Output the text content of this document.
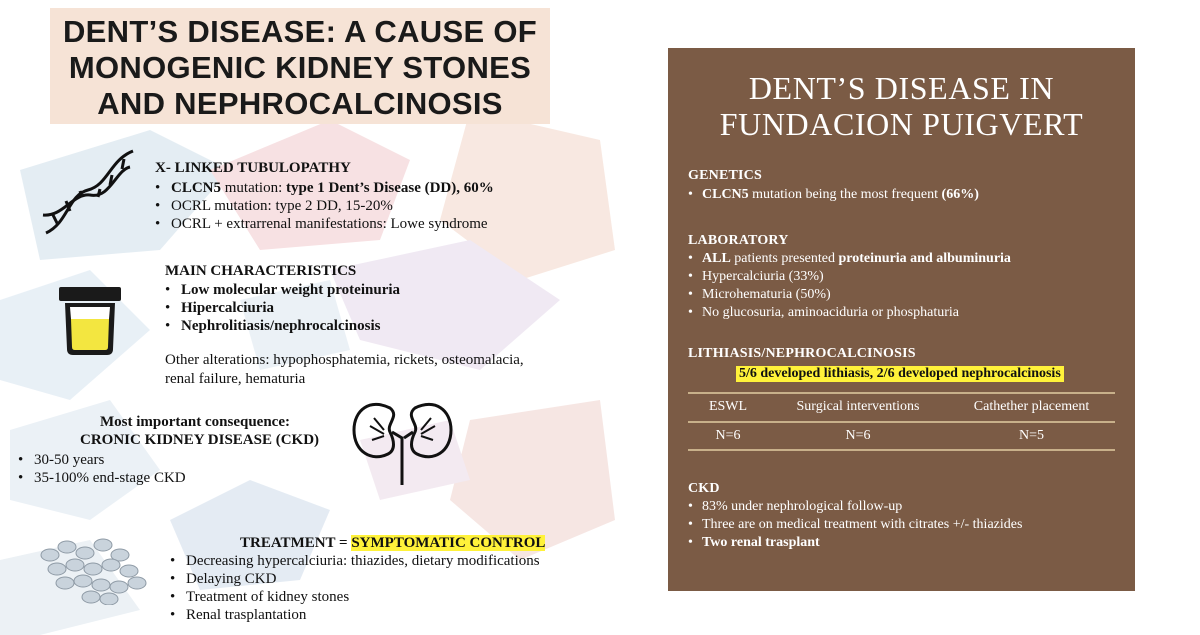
DENT’S DISEASE: A CAUSE OF
MONOGENIC KIDNEY STONES
AND NEPHROCALCINOSIS
X- LINKED TUBULOPATHY
• CLCN5 mutation: type 1 Dent’s Disease (DD), 60%
• OCRL mutation: type 2 DD, 15-20%
• OCRL + extrarrenal manifestations: Lowe syndrome
MAIN CHARACTERISTICS
• Low molecular weight proteinuria
• Hipercalciuria
• Nephrolitiasis/nephrocalcinosis
Other alterations: hypophosphatemia, rickets, osteomalacia,
renal failure, hematuria
Most important consequence:
CRONIC KIDNEY DISEASE (CKD)
• 30-50 years
• 35-100% end-stage CKD
TREATMENT = SYMPTOMATIC CONTROL
• Decreasing hypercalciuria: thiazides, dietary modifications
• Delaying CKD
• Treatment of kidney stones
• Renal trasplantation
DENT’S DISEASE IN
FUNDACION PUIGVERT
GENETICS
• CLCN5 mutation being the most frequent (66%)
LABORATORY
• ALL patients presented proteinuria and albuminuria
• Hypercalciuria (33%)
• Microhematuria (50%)
• No glucosuria, aminoaciduria or phosphaturia
LITHIASIS/NEPHROCALCINOSIS
5/6 developed lithiasis, 2/6 developed nephrocalcinosis
ESWL	Surgical interventions	Cathether placement
N=6	N=6	N=5
CKD
• 83% under nephrological follow-up
• Three are on medical treatment with citrates +/- thiazides
• Two renal trasplant
